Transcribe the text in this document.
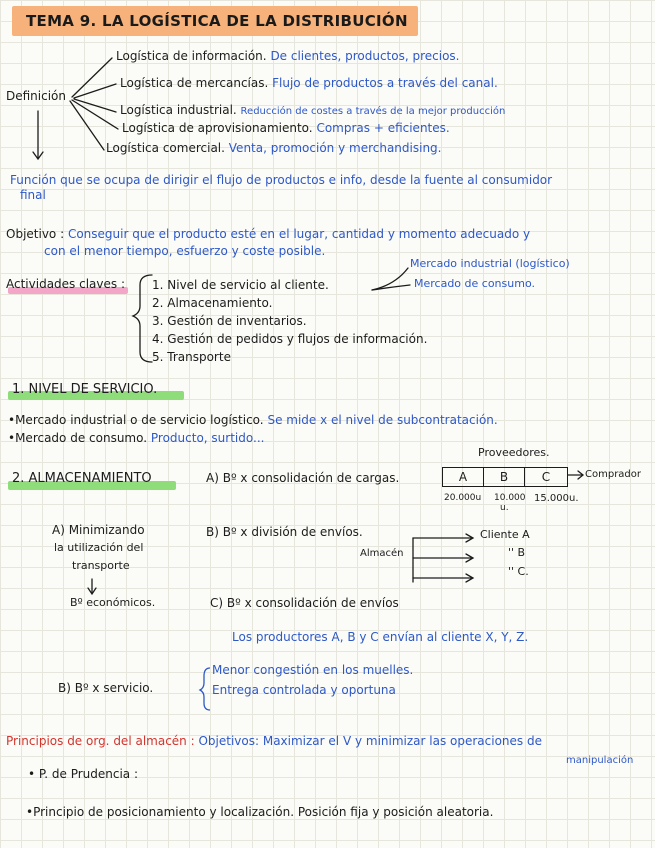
TEMA 9. LA LOGÍSTICA DE LA DISTRIBUCIÓN
Definición
Logística de información. De clientes, productos, precios.
Logística de mercancías. Flujo de productos a través del canal.
Logística industrial. Reducción de costes a través de la mejor producción
Logística de aprovisionamiento. Compras + eficientes.
Logística comercial. Venta, promoción y merchandising.
Función que se ocupa de dirigir el flujo de productos e info, desde la fuente al consumidor
final
Objetivo : Conseguir que el producto esté en el lugar, cantidad y momento adecuado y
con el menor tiempo, esfuerzo y coste posible.
Actividades claves : 1. Nivel de servicio al cliente.
2. Almacenamiento.
3. Gestión de inventarios.
4. Gestión de pedidos y flujos de información.
5. Transporte
Mercado industrial (logístico)
Mercado de consumo.
1. NIVEL DE SERVICIO.
•Mercado industrial o de servicio logístico. Se mide x el nivel de subcontratación.
•Mercado de consumo. Producto, surtido...
2. ALMACENAMIENTO	A) Bº x consolidación de cargas.
Proveedores.
A	B	C	Comprador
20.000u 10.000
u.
15.000u.
A) Minimizando
la utilización del
transporte
Bº económicos.
B) Bº x división de envíos.
Almacén
Cliente A
'' B
'' C.
C) Bº x consolidación de envíos
Los productores A, B y C envían al cliente X, Y, Z.
B) Bº x servicio.
Menor congestión en los muelles.
Entrega controlada y oportuna
Principios de org. del almacén : Objetivos: Maximizar el V y minimizar las operaciones de
manipulación
• P. de Prudencia :
•Principio de posicionamiento y localización. Posición fija y posición aleatoria.
